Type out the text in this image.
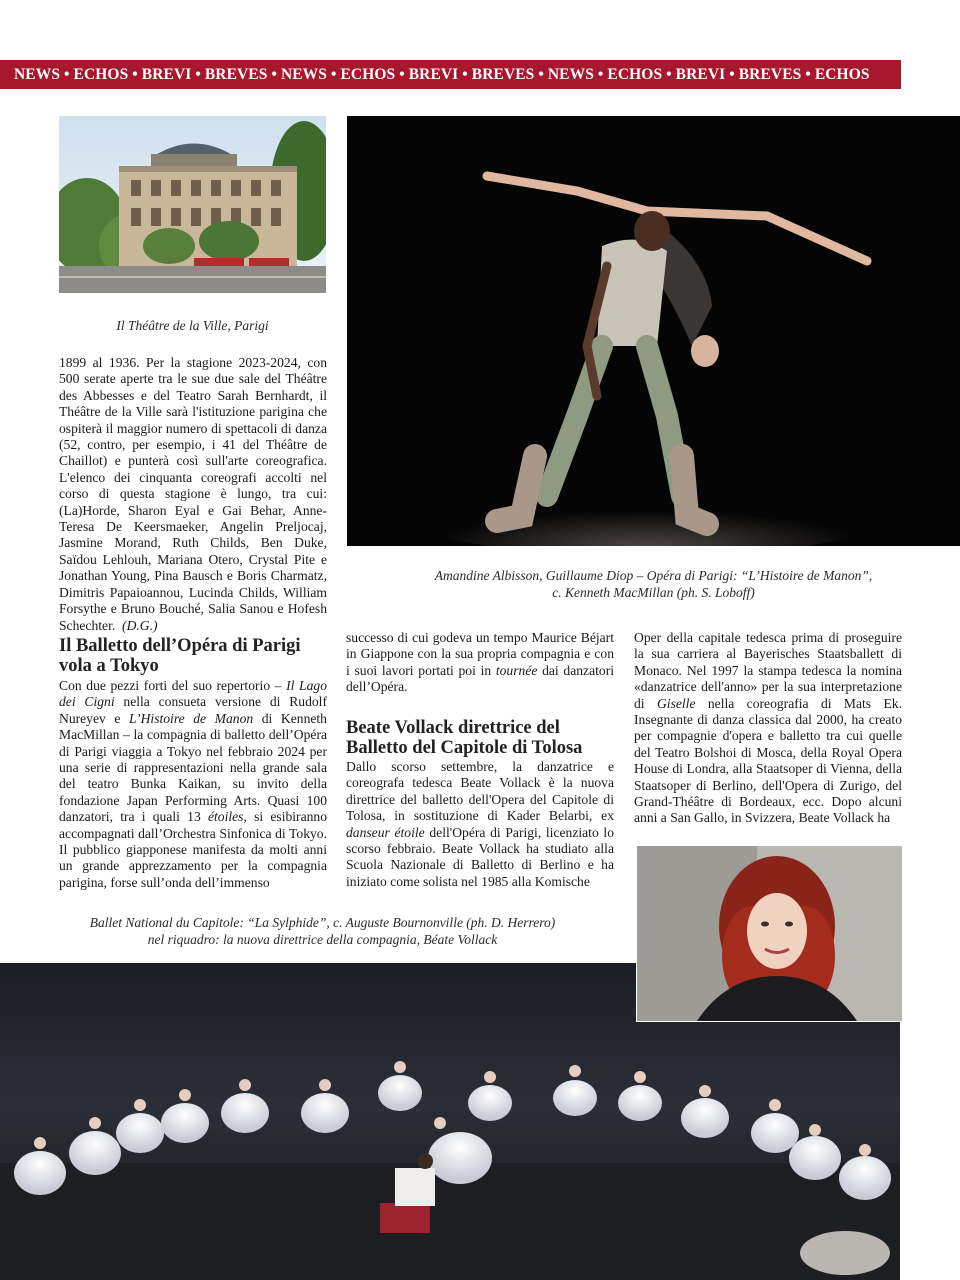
NEWS • ECHOS • BREVI • BREVES • NEWS • ECHOS • BREVI • BREVES • NEWS • ECHOS • BREVI • BREVES • ECHOS
Il Théâtre de la Ville, Parigi
Amandine Albisson, Guillaume Diop – Opéra di Parigi: “L’Histoire de Manon”,
c. Kenneth MacMillan (ph. S. Loboff)

1899 al 1936. Per la stagione 2023-2024, con 500 serate aperte tra le sue due sale del Théâtre des Abbesses e del Teatro Sarah Bernhardt, il Théâtre de la Ville sarà l'istituzione parigina che ospiterà il maggior numero di spettacoli di danza (52, contro, per esempio, i 41 del Théâtre de Chaillot) e punterà così sull'arte coreografica. L'elenco dei cinquanta coreografi accolti nel corso di questa stagione è lungo, tra cui: (La)Horde, Sharon Eyal e Gai Behar, Anne-Teresa De Keersmaeker, Angelin Preljocaj, Jasmine Morand, Ruth Childs, Ben Duke, Saïdou Lehlouh, Mariana Otero, Crystal Pite e Jonathan Young, Pina Bausch e Boris Charmatz, Dimitris Papaioannou, Lucinda Childs, William Forsythe e Bruno Bouché, Salia Sanou e Hofesh Schechter. (D.G.)

Il Balletto dell’Opéra di Parigi
vola a Tokyo

Con due pezzi forti del suo repertorio – Il Lago dei Cigni nella consueta versione di Rudolf Nureyev e L’Histoire de Manon di Kenneth MacMillan – la compagnia di balletto dell’Opéra di Parigi viaggia a Tokyo nel febbraio 2024 per una serie di rappresentazioni nella grande sala del teatro Bunka Kaikan, su invito della fondazione Japan Performing Arts. Quasi 100 danzatori, tra i quali 13 étoiles, si esibiranno accompagnati dall’Orchestra Sinfonica di Tokyo. Il pubblico giapponese manifesta da molti anni un grande apprezzamento per la compagnia parigina, forse sull’onda dell’immenso

successo di cui godeva un tempo Maurice Béjart in Giappone con la sua propria compagnia e con i suoi lavori portati poi in tournée dai danzatori dell’Opéra.

Beate Vollack direttrice del
Balletto del Capitole di Tolosa

Dallo scorso settembre, la danzatrice e coreografa tedesca Beate Vollack è la nuova direttrice del balletto dell'Opera del Capitole di Tolosa, in sostituzione di Kader Belarbi, ex danseur étoile dell'Opéra di Parigi, licenziato lo scorso febbraio. Beate Vollack ha studiato alla Scuola Nazionale di Balletto di Berlino e ha iniziato come solista nel 1985 alla Komische

Oper della capitale tedesca prima di proseguire la sua carriera al Bayerisches Staatsballett di Monaco. Nel 1997 la stampa tedesca la nomina «danzatrice dell'anno» per la sua interpretazione di Giselle nella coreografia di Mats Ek. Insegnante di danza classica dal 2000, ha creato per compagnie d'opera e balletto tra cui quelle del Teatro Bolshoi di Mosca, della Royal Opera House di Londra, alla Staatsoper di Vienna, della Staatsoper di Berlino, dell'Opera di Zurigo, del Grand-Théâtre di Bordeaux, ecc. Dopo alcuni anni a San Gallo, in Svizzera, Beate Vollack ha

Ballet National du Capitole: “La Sylphide”, c. Auguste Bournonville (ph. D. Herrero)
nel riquadro: la nuova direttrice della compagnia, Béate Vollack
